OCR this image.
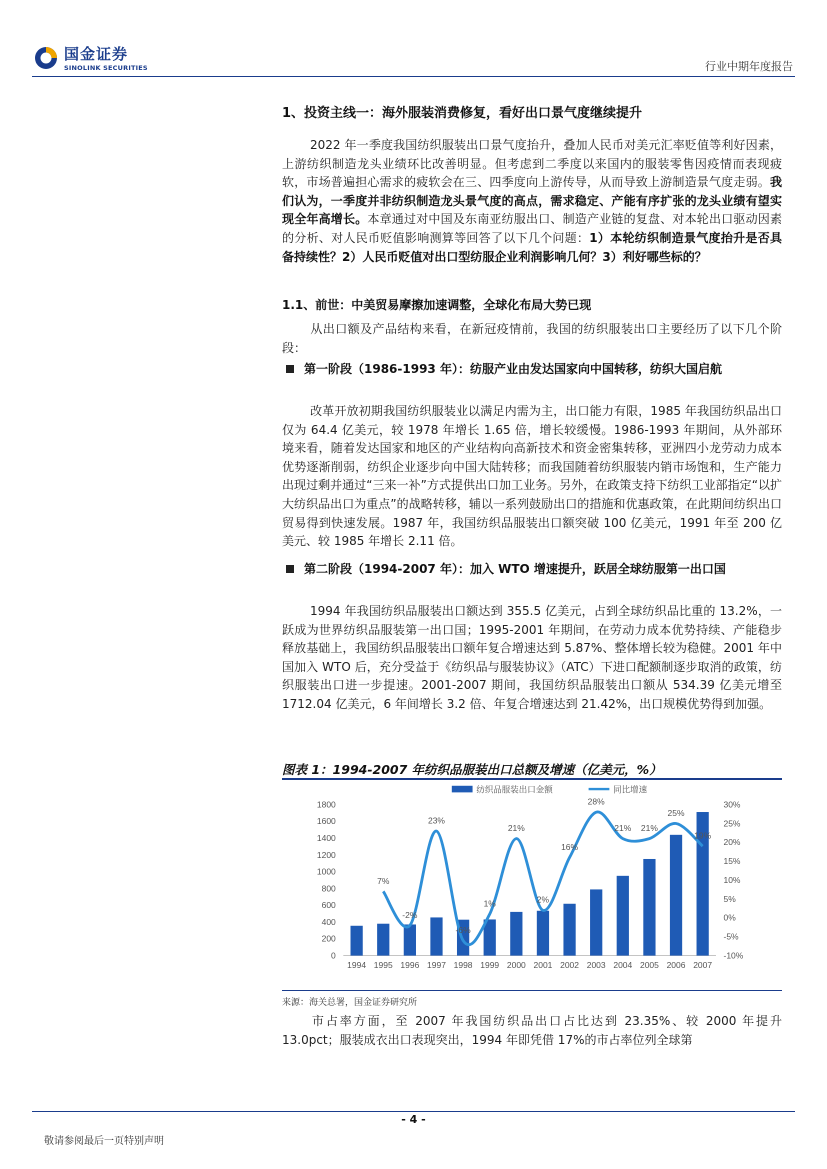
国金证券
SINOLINK SECURITIES	行业中期年度报告
1、投资主线一：海外服装消费修复，看好出口景气度继续提升
2022 年一季度我国纺织服装出口景气度抬升，叠加人民币对美元汇率贬值等利好因素，上游纺织制造龙头业绩环比改善明显。但考虑到二季度以来国内的服装零售因疫情而表现疲软，市场普遍担心需求的疲软会在三、四季度向上游传导，从而导致上游制造景气度走弱。我们认为，一季度并非纺织制造龙头景气度的高点，需求稳定、产能有序扩张的龙头业绩有望实现全年高增长。本章通过对中国及东南亚纺服出口、制造产业链的复盘、对本轮出口驱动因素的分析、对人民币贬值影响测算等回答了以下几个问题：1）本轮纺织制造景气度抬升是否具备持续性？2）人民币贬值对出口型纺服企业利润影响几何？3）利好哪些标的？
1.1、前世：中美贸易摩擦加速调整，全球化布局大势已现
从出口额及产品结构来看，在新冠疫情前，我国的纺织服装出口主要经历了以下几个阶段：
第一阶段（1986-1993 年）：纺服产业由发达国家向中国转移，纺织大国启航
改革开放初期我国纺织服装业以满足内需为主，出口能力有限，1985 年我国纺织品出口仅为 64.4 亿美元，较 1978 年增长 1.65 倍，增长较缓慢。1986-1993 年期间，从外部环境来看，随着发达国家和地区的产业结构向高新技术和资金密集转移，亚洲四小龙劳动力成本优势逐渐削弱，纺织企业逐步向中国大陆转移；而我国随着纺织服装内销市场饱和，生产能力出现过剩并通过“三来一补”方式提供出口加工业务。另外，在政策支持下纺织工业部指定“以扩大纺织品出口为重点”的战略转移，辅以一系列鼓励出口的措施和优惠政策，在此期间纺织出口贸易得到快速发展。1987 年，我国纺织品服装出口额突破 100 亿美元，1991 年至 200 亿美元、较 1985 年增长 2.11 倍。
第二阶段（1994-2007 年）：加入 WTO 增速提升，跃居全球纺服第一出口国
1994 年我国纺织品服装出口额达到 355.5 亿美元，占到全球纺织品比重的 13.2%，一跃成为世界纺织品服装第一出口国；1995-2001 年期间，在劳动力成本优势持续、产能稳步释放基础上，我国纺织品服装出口额年复合增速达到 5.87%、整体增长较为稳健。2001 年中国加入 WTO 后，充分受益于《纺织品与服装协议》（ATC）下进口配额制逐步取消的政策，纺织服装出口进一步提速。2001-2007 期间，我国纺织品服装出口额从 534.39 亿美元增至 1712.04 亿美元，6 年间增长 3.2 倍、年复合增速达到 21.42%，出口规模优势得到加强。
图表 1：1994-2007 年纺织品服装出口总额及增速（亿美元，%）
纺织品服装出口金额	同比增速
0
200
400
600
800
1000
1200
1400
1600
1800
-10%
-5%
0%
5%
10%
15%
20%
25%
30%
1994 1995 1996 1997 1998 1999 2000 2001 2002 2003 2004 2005 2006 2007
7%
-2%
23%
-6%
1%
21%
2%
16%
28%
21% 21%
25%
19%
来源：海关总署，国金证券研究所
市占率方面，至 2007 年我国纺织品出口占比达到 23.35%、较 2000 年提升 13.0pct；服装成衣出口表现突出，1994 年即凭借 17%的市占率位列全球第
- 4 -
敬请参阅最后一页特别声明
